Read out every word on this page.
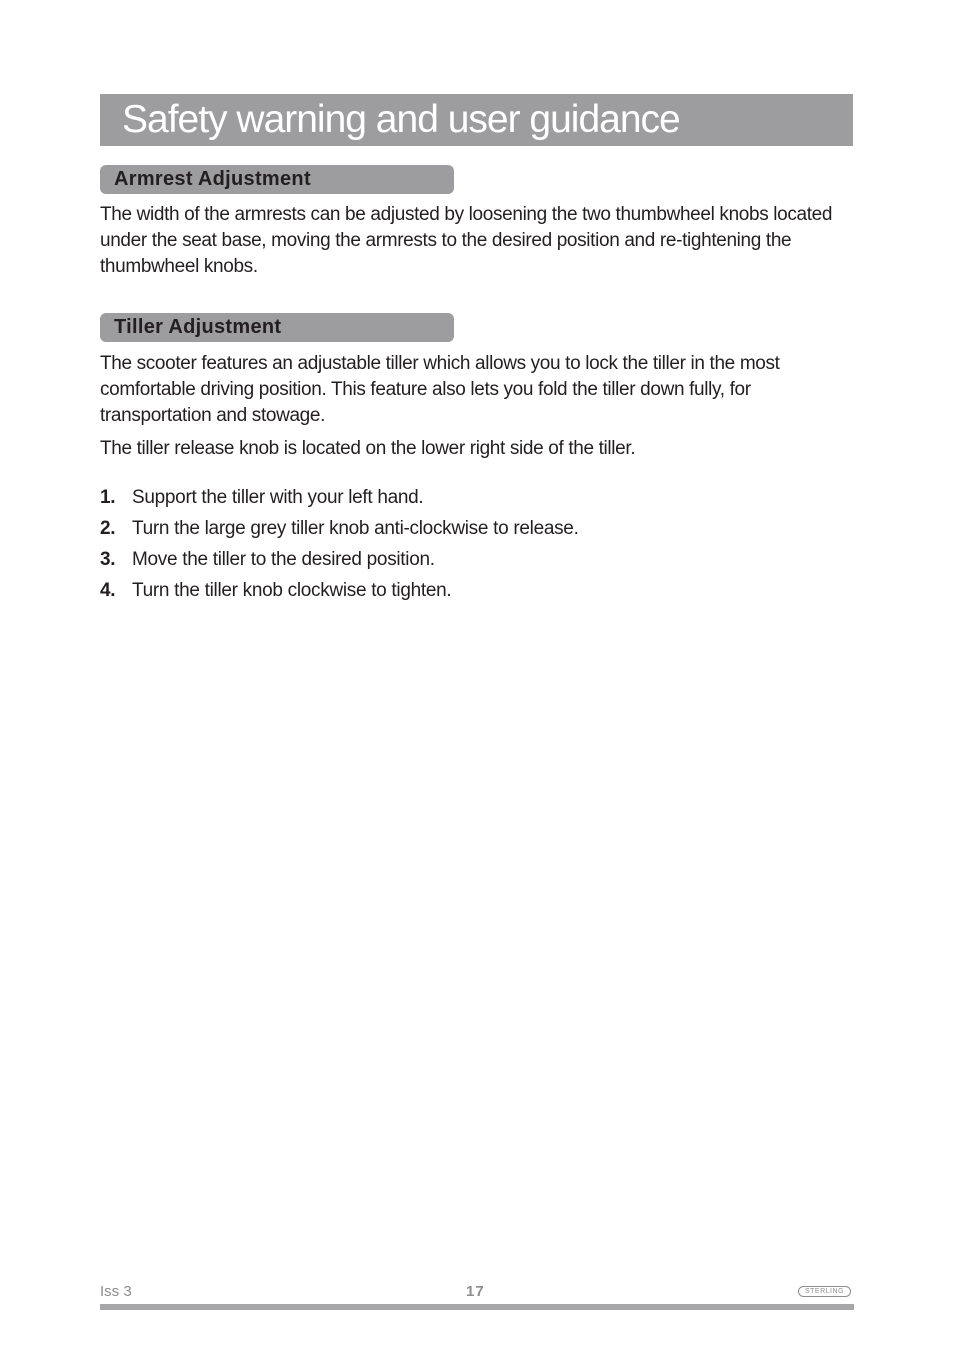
Safety warning and user guidance
Armrest Adjustment

The width of the armrests can be adjusted by loosening the two thumbwheel knobs located under the seat base, moving the armrests to the desired position and re-tightening the thumbwheel knobs.

Tiller Adjustment

The scooter features an adjustable tiller which allows you to lock the tiller in the most comfortable driving position. This feature also lets you fold the tiller down fully, for transportation and stowage.

The tiller release knob is located on the lower right side of the tiller.

1. Support the tiller with your left hand.
2. Turn the large grey tiller knob anti-clockwise to release.
3. Move the tiller to the desired position.
4. Turn the tiller knob clockwise to tighten.
Iss 3	17	STERLING
